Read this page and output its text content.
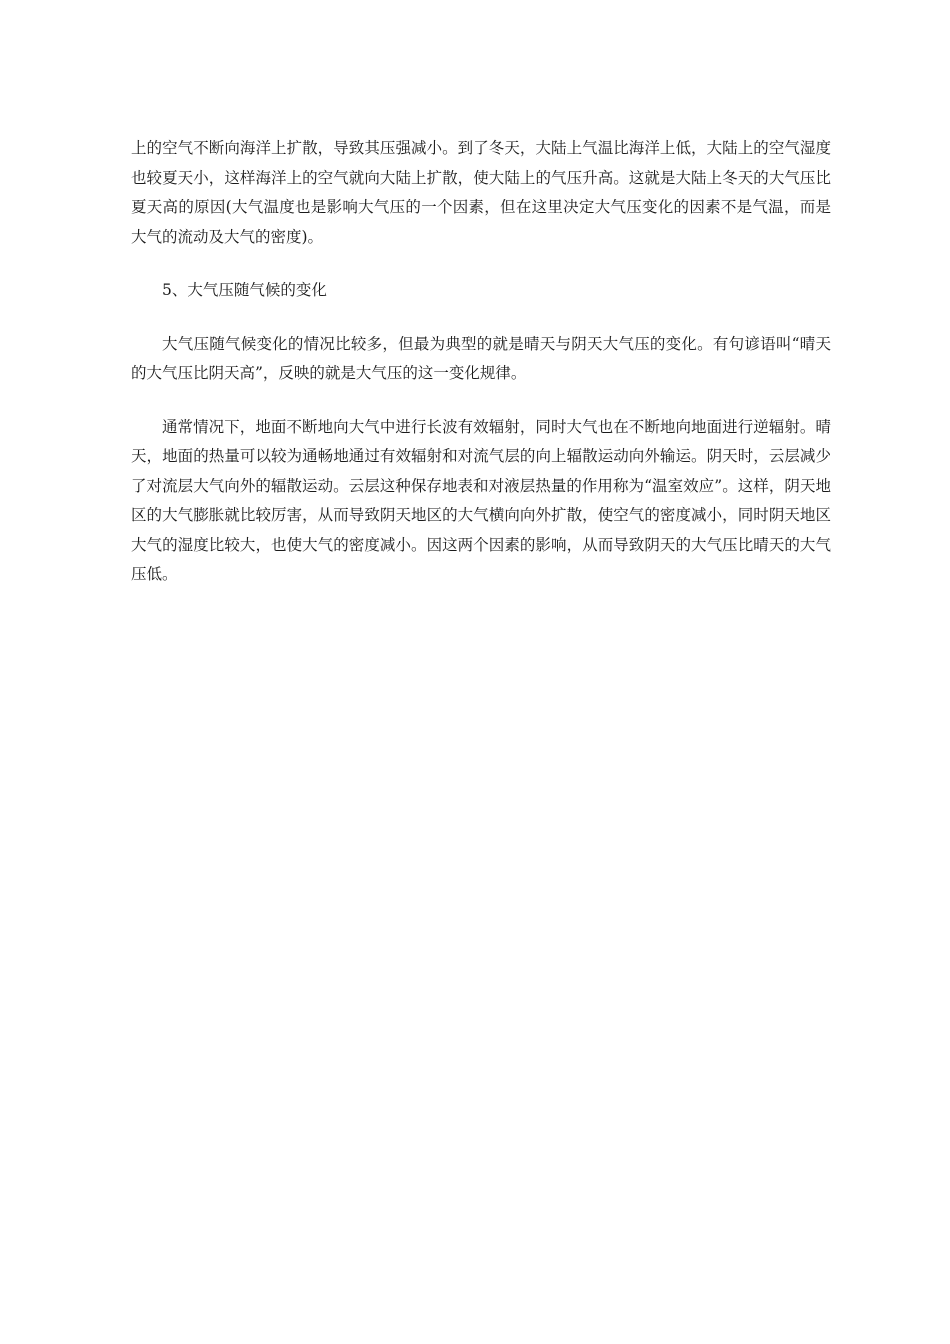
上的空气不断向海洋上扩散，导致其压强减小。到了冬天，大陆上气温比海洋上低，大陆上的空气湿度也较夏天小，这样海洋上的空气就向大陆上扩散，使大陆上的气压升高。这就是大陆上冬天的大气压比夏天高的原因(大气温度也是影响大气压的一个因素，但在这里决定大气压变化的因素不是气温，而是大气的流动及大气的密度)。

5、大气压随气候的变化

大气压随气候变化的情况比较多，但最为典型的就是晴天与阴天大气压的变化。有句谚语叫“晴天的大气压比阴天高”，反映的就是大气压的这一变化规律。

通常情况下，地面不断地向大气中进行长波有效辐射，同时大气也在不断地向地面进行逆辐射。晴天，地面的热量可以较为通畅地通过有效辐射和对流气层的向上辐散运动向外输运。阴天时，云层减少了对流层大气向外的辐散运动。云层这种保存地表和对液层热量的作用称为“温室效应”。这样，阴天地区的大气膨胀就比较厉害，从而导致阴天地区的大气横向向外扩散，使空气的密度减小，同时阴天地区大气的湿度比较大，也使大气的密度减小。因这两个因素的影响，从而导致阴天的大气压比晴天的大气压低。
